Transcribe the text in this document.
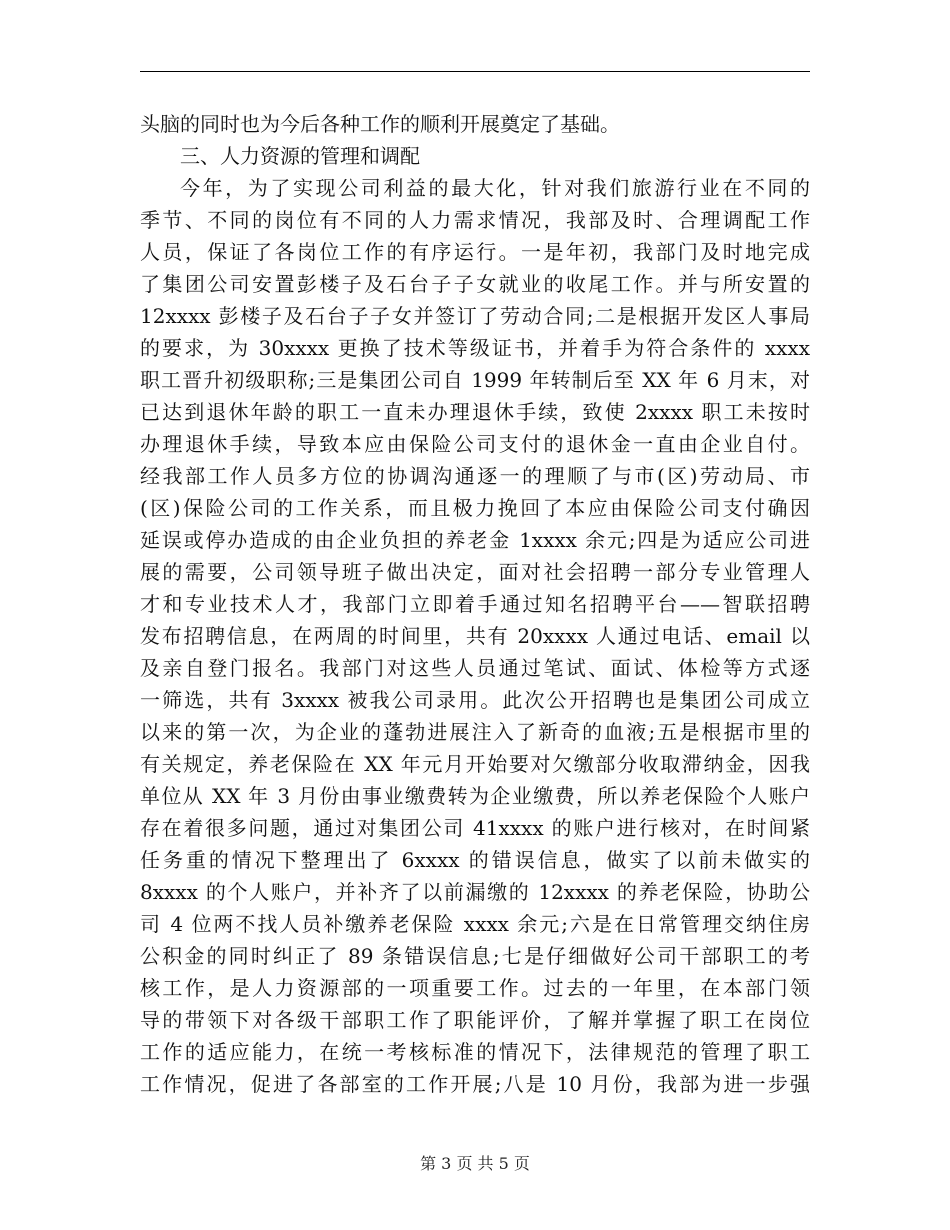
头脑的同时也为今后各种工作的顺利开展奠定了基础。
三、人力资源的管理和调配
今年，为了实现公司利益的最大化，针对我们旅游行业在不同的
季节、不同的岗位有不同的人力需求情况，我部及时、合理调配工作
人员，保证了各岗位工作的有序运行。一是年初，我部门及时地完成
了集团公司安置彭楼子及石台子子女就业的收尾工作。并与所安置的
12xxxx 彭楼子及石台子子女并签订了劳动合同;二是根据开发区人事局
的要求，为 30xxxx 更换了技术等级证书，并着手为符合条件的 xxxx
职工晋升初级职称;三是集团公司自 1999 年转制后至 XX 年 6 月末，对
已达到退休年龄的职工一直未办理退休手续，致使 2xxxx 职工未按时
办理退休手续，导致本应由保险公司支付的退休金一直由企业自付。
经我部工作人员多方位的协调沟通逐一的理顺了与市(区)劳动局、市
(区)保险公司的工作关系，而且极力挽回了本应由保险公司支付确因
延误或停办造成的由企业负担的养老金 1xxxx 余元;四是为适应公司进
展的需要，公司领导班子做出决定，面对社会招聘一部分专业管理人
才和专业技术人才，我部门立即着手通过知名招聘平台——智联招聘
发布招聘信息，在两周的时间里，共有 20xxxx 人通过电话、email 以
及亲自登门报名。我部门对这些人员通过笔试、面试、体检等方式逐
一筛选，共有 3xxxx 被我公司录用。此次公开招聘也是集团公司成立
以来的第一次，为企业的蓬勃进展注入了新奇的血液;五是根据市里的
有关规定，养老保险在 XX 年元月开始要对欠缴部分收取滞纳金，因我
单位从 XX 年 3 月份由事业缴费转为企业缴费，所以养老保险个人账户
存在着很多问题，通过对集团公司 41xxxx 的账户进行核对，在时间紧
任务重的情况下整理出了 6xxxx 的错误信息，做实了以前未做实的
8xxxx 的个人账户，并补齐了以前漏缴的 12xxxx 的养老保险，协助公
司 4 位两不找人员补缴养老保险 xxxx 余元;六是在日常管理交纳住房
公积金的同时纠正了 89 条错误信息;七是仔细做好公司干部职工的考
核工作，是人力资源部的一项重要工作。过去的一年里，在本部门领
导的带领下对各级干部职工作了职能评价，了解并掌握了职工在岗位
工作的适应能力，在统一考核标准的情况下，法律规范的管理了职工
工作情况，促进了各部室的工作开展;八是 10 月份，我部为进一步强
第 3 页 共 5 页
